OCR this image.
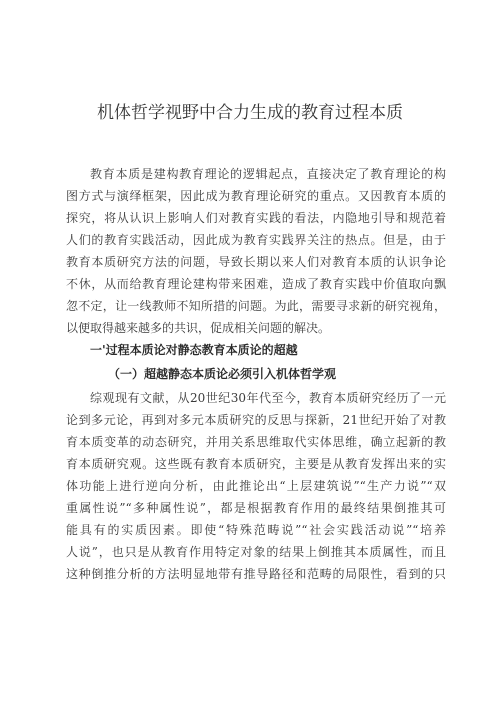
机体哲学视野中合力生成的教育过程本质
教育本质是建构教育理论的逻辑起点，直接决定了教育理论的构
图方式与演绎框架，因此成为教育理论研究的重点。又因教育本质的
探究，将从认识上影响人们对教育实践的看法，内隐地引导和规范着
人们的教育实践活动，因此成为教育实践界关注的热点。但是，由于
教育本质研究方法的问题，导致长期以来人们对教育本质的认识争论
不休，从而给教育理论建构带来困难，造成了教育实践中价值取向飘
忽不定，让一线教师不知所措的问题。为此，需要寻求新的研究视角，
以便取得越来越多的共识，促成相关问题的解决。
一'过程本质论对静态教育本质论的超越
（一）超越静态本质论必须引入机体哲学观
综观现有文献，从20世纪30年代至今，教育本质研究经历了一元
论到多元论，再到对多元本质研究的反思与探新，21世纪开始了对教
育本质变革的动态研究，并用关系思维取代实体思维，确立起新的教
育本质研究观。这些既有教育本质研究，主要是从教育发挥出来的实
体功能上进行逆向分析，由此推论出“上层建筑说”“生产力说”“双
重属性说”“多种属性说”，都是根据教育作用的最终结果倒推其可
能具有的实质因素。即使“特殊范畴说”“社会实践活动说”“培养
人说”，也只是从教育作用特定对象的结果上倒推其本质属性，而且
这种倒推分析的方法明显地带有推导路径和范畴的局限性，看到的只
